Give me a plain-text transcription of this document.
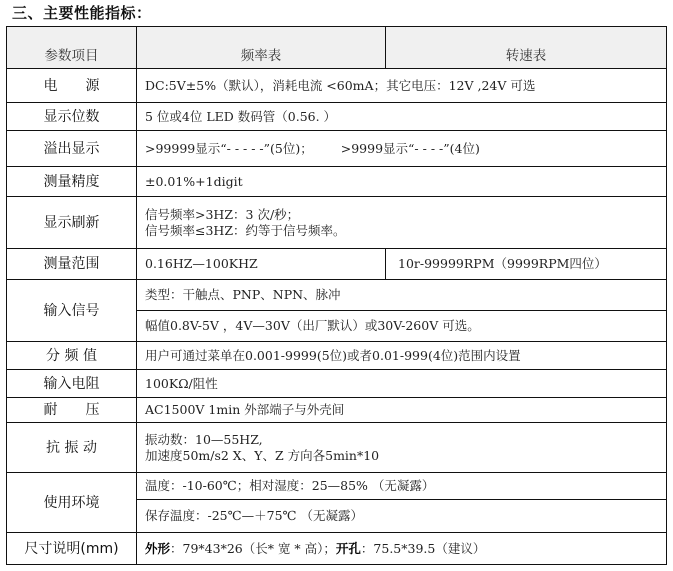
三、主要性能指标：
参数项目	频率表	转速表
电　　源	DC:5V±5%（默认），消耗电流 <60mA；其它电压：12V ,24V 可选	
显示位数	5 位或4位 LED 数码管（0.56. ）	
溢出显示	>99999显示“- - - - -”(5位)； >9999显示“- - - -”(4位)	
测量精度	±0.01%+1digit	
显示刷新	信号频率>3HZ：3 次/秒；
信号频率≤3HZ：约等于信号频率。	

测量范围	0.16HZ—100KHZ	10r-99999RPM（9999RPM四位）
输入信号	类型：干触点、PNP、NPN、脉冲	
	幅值0.8V-5V ，4V—30V（出厂默认）或30V-260V 可选。	
分 频 值	用户可通过菜单在0.001-9999(5位)或者0.01-999(4位)范围内设置	
输入电阻	100KΩ/阻性	
耐　　压	AC1500V 1min 外部端子与外壳间	
抗 振 动	振动数：10—55HZ,
加速度50m/s2 X、Y、Z 方向各5min*10	

使用环境	温度：-10-60℃；相对湿度：25—85% （无凝露）	
	保存温度：-25℃—＋75℃ （无凝露）	
尺寸说明(mm)	外形：79*43*26（长* 宽 * 高）；开孔：75.5*39.5（建议）	
